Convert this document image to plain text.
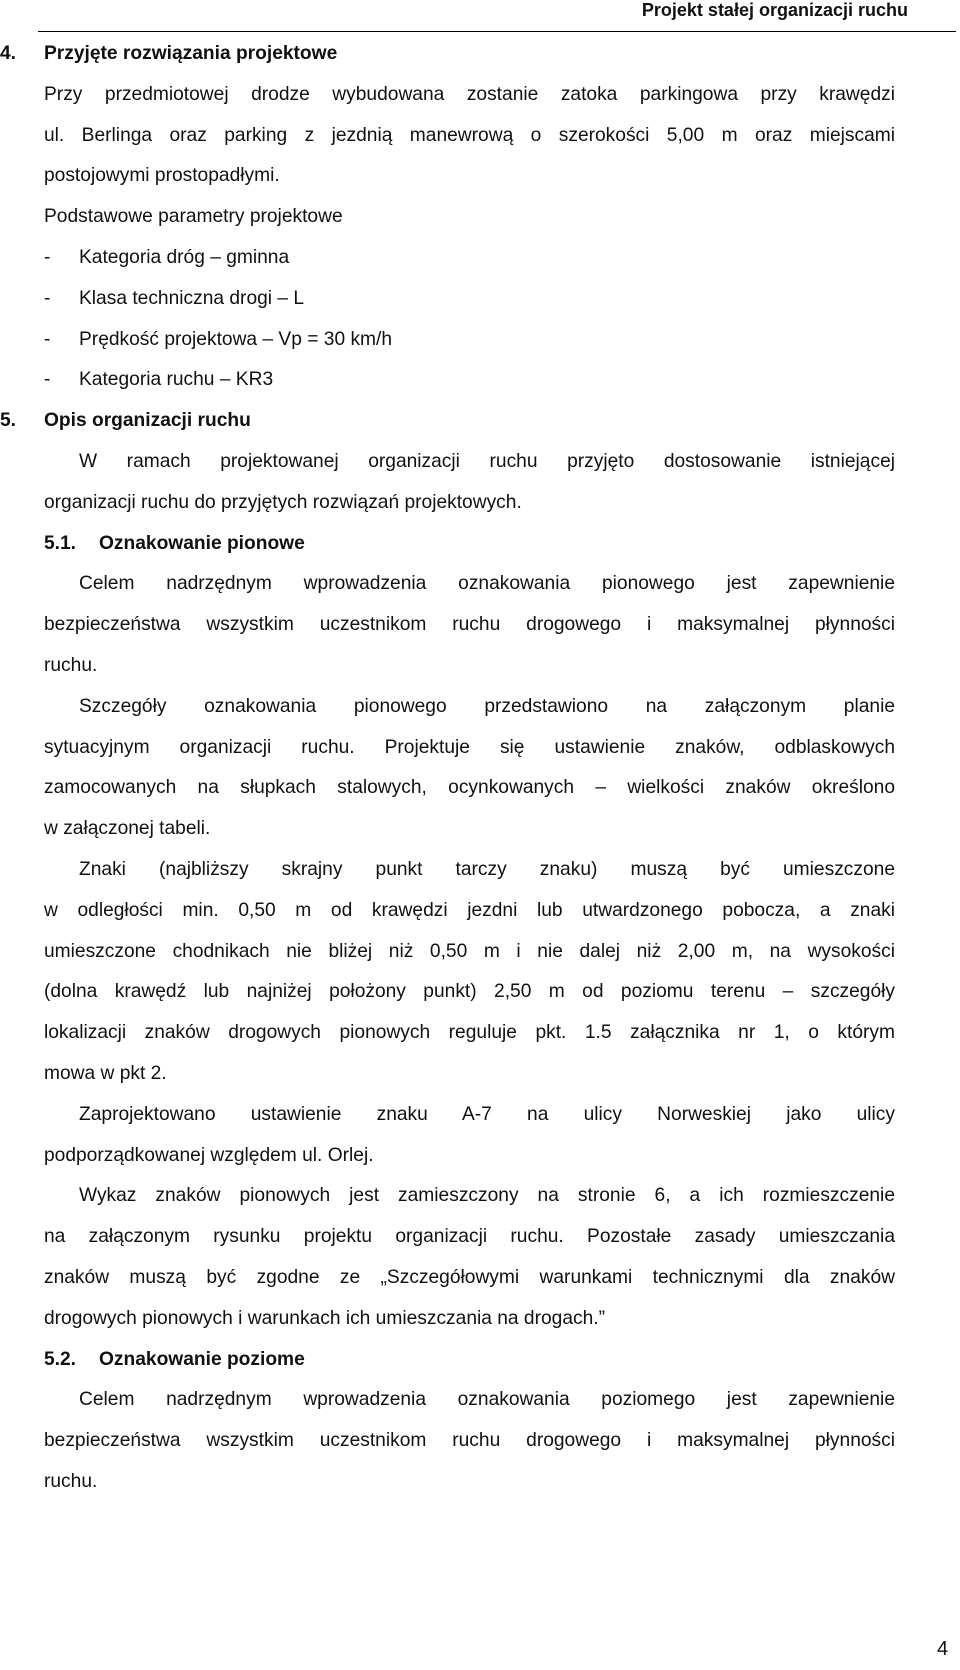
Projekt stałej organizacji ruchu
4. Przyjęte rozwiązania projektowe
Przy przedmiotowej drodze wybudowana zostanie zatoka parkingowa przy krawędzi
ul. Berlinga oraz parking z jezdnią manewrową o szerokości 5,00 m oraz miejscami
postojowymi prostopadłymi.
Podstawowe parametry projektowe
- Kategoria dróg – gminna
- Klasa techniczna drogi – L
- Prędkość projektowa – Vp = 30 km/h
- Kategoria ruchu – KR3
5. Opis organizacji ruchu
W ramach projektowanej organizacji ruchu przyjęto dostosowanie istniejącej
organizacji ruchu do przyjętych rozwiązań projektowych.
5.1. Oznakowanie pionowe
Celem nadrzędnym wprowadzenia oznakowania pionowego jest zapewnienie
bezpieczeństwa wszystkim uczestnikom ruchu drogowego i maksymalnej płynności
ruchu.
Szczegóły oznakowania pionowego przedstawiono na załączonym planie
sytuacyjnym organizacji ruchu. Projektuje się ustawienie znaków, odblaskowych
zamocowanych na słupkach stalowych, ocynkowanych – wielkości znaków określono
w załączonej tabeli.
Znaki (najbliższy skrajny punkt tarczy znaku) muszą być umieszczone
w odległości min. 0,50 m od krawędzi jezdni lub utwardzonego pobocza, a znaki
umieszczone chodnikach nie bliżej niż 0,50 m i nie dalej niż 2,00 m, na wysokości
(dolna krawędź lub najniżej położony punkt) 2,50 m od poziomu terenu – szczegóły
lokalizacji znaków drogowych pionowych reguluje pkt. 1.5 załącznika nr 1, o którym
mowa w pkt 2.
Zaprojektowano ustawienie znaku A-7 na ulicy Norweskiej jako ulicy
podporządkowanej względem ul. Orlej.
Wykaz znaków pionowych jest zamieszczony na stronie 6, a ich rozmieszczenie
na załączonym rysunku projektu organizacji ruchu. Pozostałe zasady umieszczania
znaków muszą być zgodne ze „Szczegółowymi warunkami technicznymi dla znaków
drogowych pionowych i warunkach ich umieszczania na drogach.”
5.2. Oznakowanie poziome
Celem nadrzędnym wprowadzenia oznakowania poziomego jest zapewnienie
bezpieczeństwa wszystkim uczestnikom ruchu drogowego i maksymalnej płynności
ruchu.
4
